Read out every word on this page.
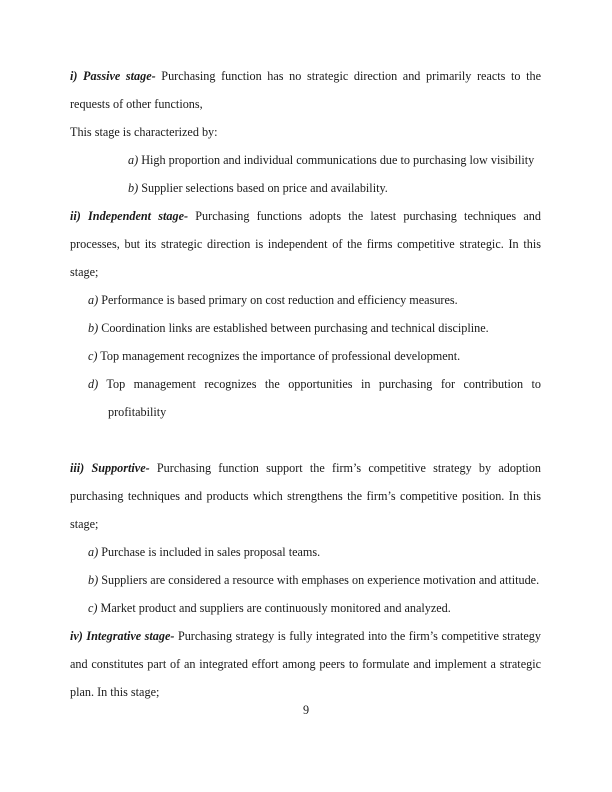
i) Passive stage- Purchasing function has no strategic direction and primarily reacts to the requests of other functions,

This stage is characterized by:

a) High proportion and individual communications due to purchasing low visibility
b) Supplier selections based on price and availability.

ii) Independent stage- Purchasing functions adopts the latest purchasing techniques and processes, but its strategic direction is independent of the firms competitive strategic. In this stage;

a) Performance is based primary on cost reduction and efficiency measures.
b) Coordination links are established between purchasing and technical discipline.
c) Top management recognizes the importance of professional development.
d) Top management recognizes the opportunities in purchasing for contribution to profitability

iii) Supportive- Purchasing function support the firm’s competitive strategy by adoption purchasing techniques and products which strengthens the firm’s competitive position. In this stage;

a) Purchase is included in sales proposal teams.
b) Suppliers are considered a resource with emphases on experience motivation and attitude.
c) Market product and suppliers are continuously monitored and analyzed.

iv) Integrative stage- Purchasing strategy is fully integrated into the firm’s competitive strategy and constitutes part of an integrated effort among peers to formulate and implement a strategic plan. In this stage;

9
